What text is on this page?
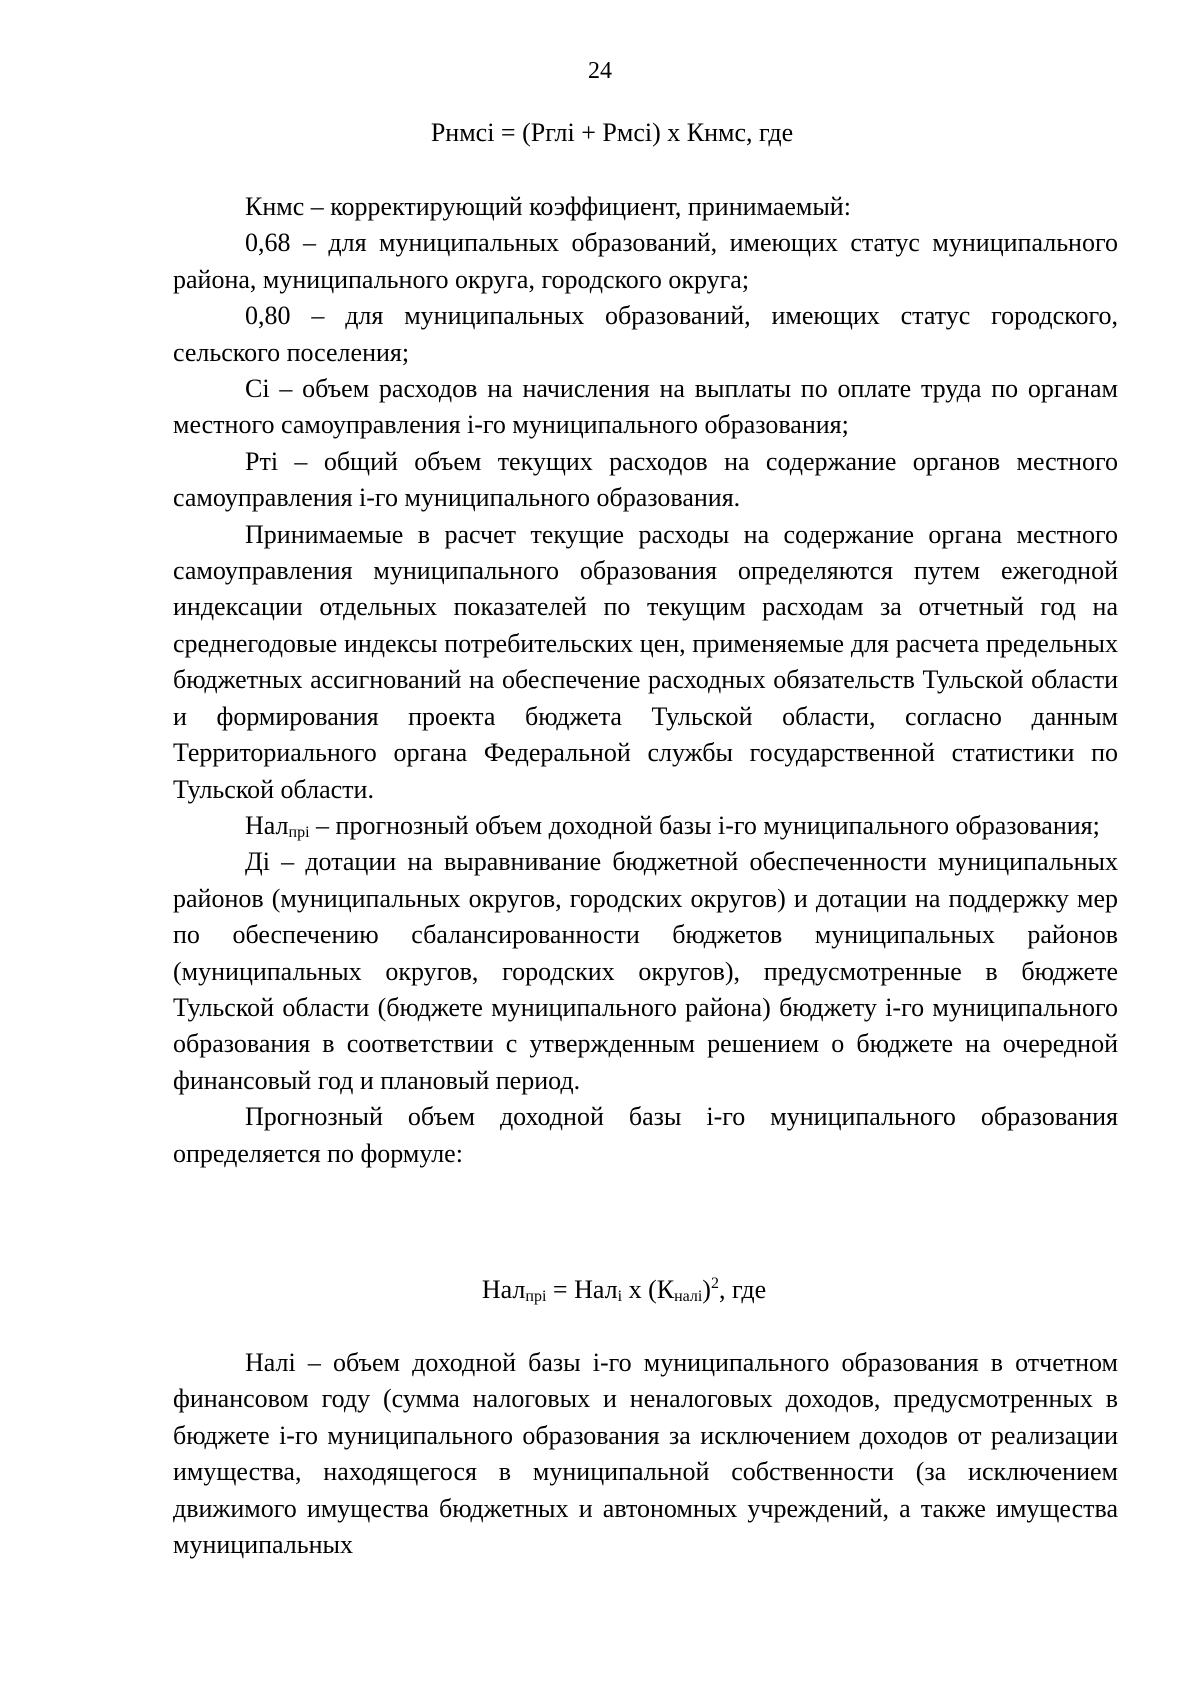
24
Рнмсi = (Рглi + Рмсi) х Кнмс, где

Кнмс – корректирующий коэффициент, принимаемый:

0,68 – для муниципальных образований, имеющих статус муниципального района, муниципального округа, городского округа;

0,80 – для муниципальных образований, имеющих статус городского, сельского поселения;

Сi – объем расходов на начисления на выплаты по оплате труда по органам местного самоуправления i-го муниципального образования;

Рті – общий объем текущих расходов на содержание органов местного самоуправления i-го муниципального образования.

Принимаемые в расчет текущие расходы на содержание органа местного самоуправления муниципального образования определяются путем ежегодной индексации отдельных показателей по текущим расходам за отчетный год на среднегодовые индексы потребительских цен, применяемые для расчета предельных бюджетных ассигнований на обеспечение расходных обязательств Тульской области и формирования проекта бюджета Тульской области, согласно данным Территориального органа Федеральной службы государственной статистики по Тульской области.

Нал$_{прi}$ – прогнозный объем доходной базы i-го муниципального образования;

Дi – дотации на выравнивание бюджетной обеспеченности муниципальных районов (муниципальных округов, городских округов) и дотации на поддержку мер по обеспечению сбалансированности бюджетов муниципальных районов (муниципальных округов, городских округов), предусмотренные в бюджете Тульской области (бюджете муниципального района) бюджету i-го муниципального образования в соответствии с утвержденным решением о бюджете на очередной финансовый год и плановый период.

Прогнозный объем доходной базы i-го муниципального образования определяется по формуле:

Нал$_{прi}$ = Нал$_i$ х $(К_{налi})^2$, где

Налi – объем доходной базы i-го муниципального образования в отчетном финансовом году (сумма налоговых и неналоговых доходов, предусмотренных в бюджете i-го муниципального образования за исключением доходов от реализации имущества, находящегося в муниципальной собственности (за исключением движимого имущества бюджетных и автономных учреждений, а также имущества муниципальных
